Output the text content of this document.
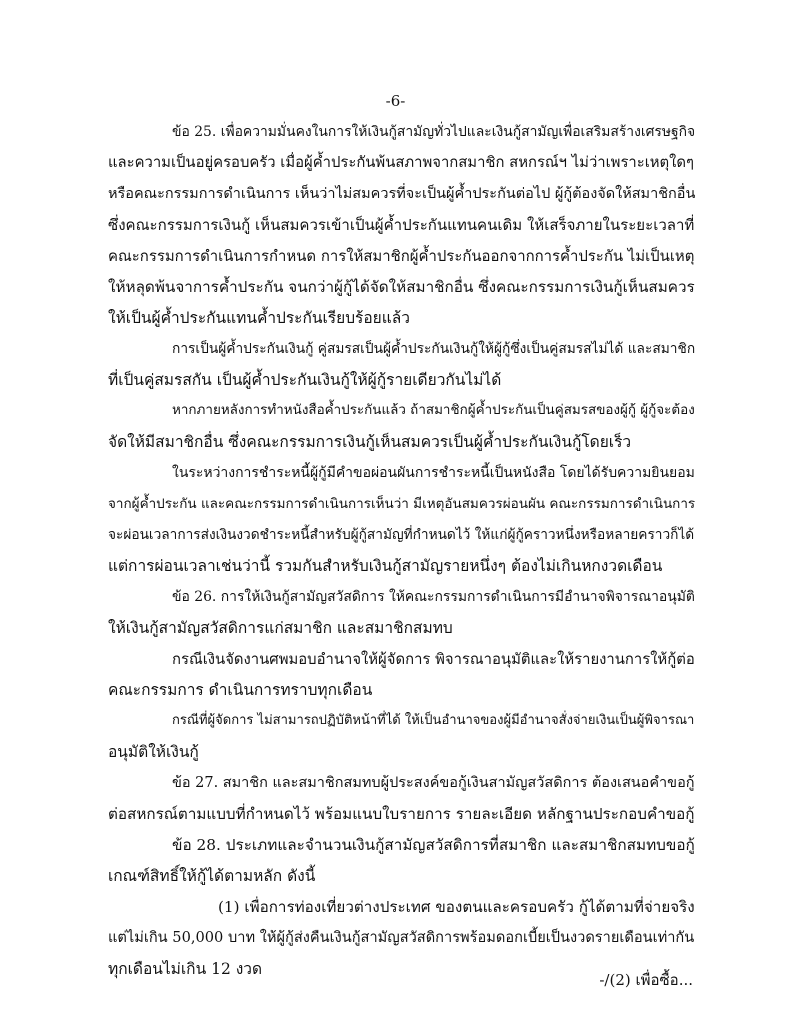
-6-
ข้อ 25. เพื่อความมั่นคงในการให้เงินกู้สามัญทั่วไปและเงินกู้สามัญเพื่อเสริมสร้างเศรษฐกิจ
และความเป็นอยู่ครอบครัว เมื่อผู้ค้ำประกันพ้นสภาพจากสมาชิก สหกรณ์ฯ ไม่ว่าเพราะเหตุใดๆ
หรือคณะกรรมการดำเนินการ เห็นว่าไม่สมควรที่จะเป็นผู้ค้ำประกันต่อไป ผู้กู้ต้องจัดให้สมาชิกอื่น
ซึ่งคณะกรรมการเงินกู้ เห็นสมควรเข้าเป็นผู้ค้ำประกันแทนคนเดิม ให้เสร็จภายในระยะเวลาที่
คณะกรรมการดำเนินการกำหนด การให้สมาชิกผู้ค้ำประกันออกจากการค้ำประกัน ไม่เป็นเหตุ
ให้หลุดพ้นจาการค้ำประกัน จนกว่าผู้กู้ได้จัดให้สมาชิกอื่น ซึ่งคณะกรรมการเงินกู้เห็นสมควร
ให้เป็นผู้ค้ำประกันแทนค้ำประกันเรียบร้อยแล้ว
การเป็นผู้ค้ำประกันเงินกู้ คู่สมรสเป็นผู้ค้ำประกันเงินกู้ให้ผู้กู้ซึ่งเป็นคู่สมรสไม่ได้ และสมาชิก
ที่เป็นคู่สมรสกัน เป็นผู้ค้ำประกันเงินกู้ให้ผู้กู้รายเดียวกันไม่ได้
หากภายหลังการทำหนังสือค้ำประกันแล้ว ถ้าสมาชิกผู้ค้ำประกันเป็นคู่สมรสของผู้กู้ ผู้กู้จะต้อง
จัดให้มีสมาชิกอื่น ซึ่งคณะกรรมการเงินกู้เห็นสมควรเป็นผู้ค้ำประกันเงินกู้โดยเร็ว
ในระหว่างการชำระหนี้ผู้กู้มีคำขอผ่อนผันการชำระหนี้เป็นหนังสือ โดยได้รับความยินยอม
จากผู้ค้ำประกัน และคณะกรรมการดำเนินการเห็นว่า มีเหตุอันสมควรผ่อนผัน คณะกรรมการดำเนินการ
จะผ่อนเวลาการส่งเงินงวดชำระหนี้สำหรับผู้กู้สามัญที่กำหนดไว้ ให้แก่ผู้กู้คราวหนึ่งหรือหลายคราวก็ได้
แต่การผ่อนเวลาเช่นว่านี้ รวมกันสำหรับเงินกู้สามัญรายหนึ่งๆ ต้องไม่เกินหกงวดเดือน
ข้อ 26. การให้เงินกู้สามัญสวัสดิการ ให้คณะกรรมการดำเนินการมีอำนาจพิจารณาอนุมัติ
ให้เงินกู้สามัญสวัสดิการแก่สมาชิก และสมาชิกสมทบ
กรณีเงินจัดงานศพมอบอำนาจให้ผู้จัดการ พิจารณาอนุมัติและให้รายงานการให้กู้ต่อ
คณะกรรมการ ดำเนินการทราบทุกเดือน
กรณีที่ผู้จัดการ ไม่สามารถปฏิบัติหน้าที่ได้ ให้เป็นอำนาจของผู้มีอำนาจสั่งจ่ายเงินเป็นผู้พิจารณา
อนุมัติให้เงินกู้
ข้อ 27. สมาชิก และสมาชิกสมทบผู้ประสงค์ขอกู้เงินสามัญสวัสดิการ ต้องเสนอคำขอกู้
ต่อสหกรณ์ตามแบบที่กำหนดไว้ พร้อมแนบใบรายการ รายละเอียด หลักฐานประกอบคำขอกู้
ข้อ 28. ประเภทและจำนวนเงินกู้สามัญสวัสดิการที่สมาชิก และสมาชิกสมทบขอกู้
เกณฑ์สิทธิ์ให้กู้ได้ตามหลัก ดังนี้
(1) เพื่อการท่องเที่ยวต่างประเทศ ของตนและครอบครัว กู้ได้ตามที่จ่ายจริง
แต่ไม่เกิน 50,000 บาท ให้ผู้กู้ส่งคืนเงินกู้สามัญสวัสดิการพร้อมดอกเบี้ยเป็นงวดรายเดือนเท่ากัน
ทุกเดือนไม่เกิน 12 งวด
-/(2) เพื่อซื้อ...
